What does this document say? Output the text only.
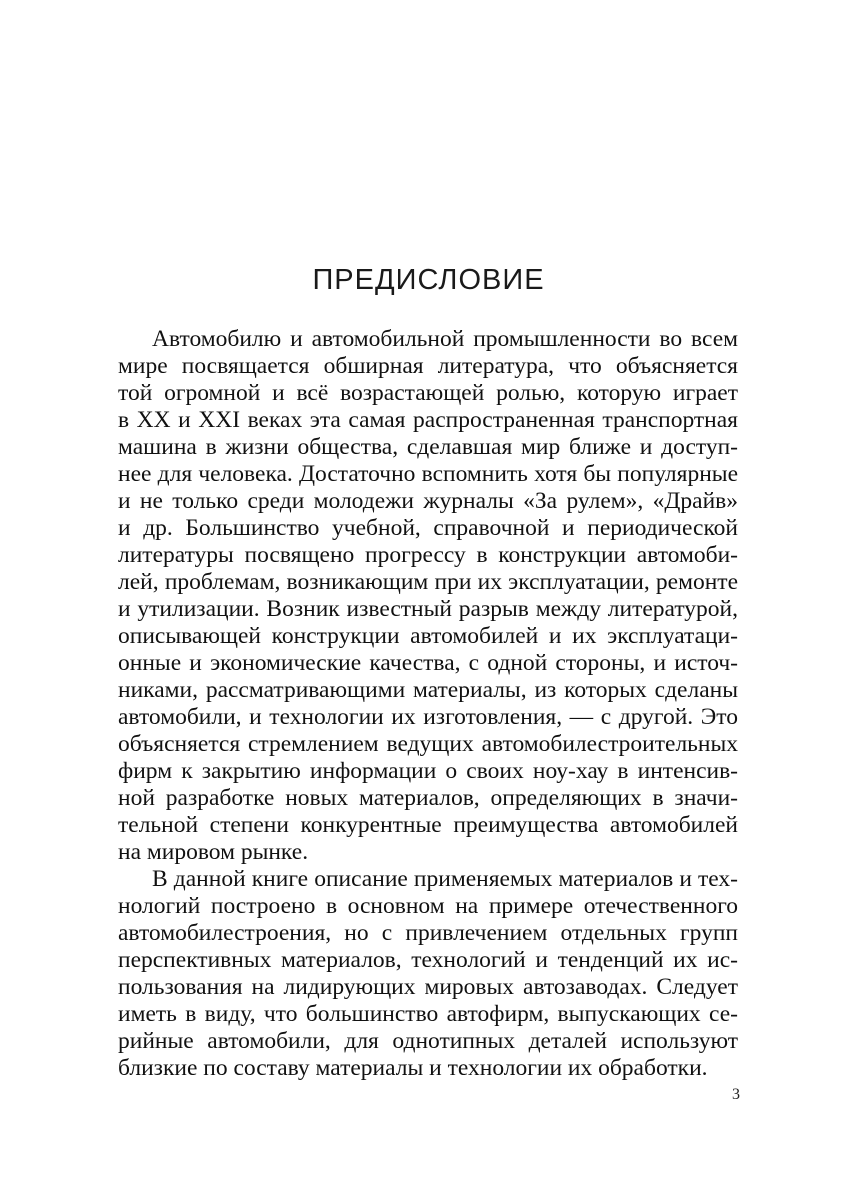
ПРЕДИСЛОВИЕ
Автомобилю и автомобильной промышленности во всем
мире посвящается обширная литература, что объясняется
той огромной и всё возрастающей ролью, которую играет
в XX и XXI веках эта самая распространенная транспортная
машина в жизни общества, сделавшая мир ближе и доступ-
нее для человека. Достаточно вспомнить хотя бы популярные
и не только среди молодежи журналы «За рулем», «Драйв»
и др. Большинство учебной, справочной и периодической
литературы посвящено прогрессу в конструкции автомоби-
лей, проблемам, возникающим при их эксплуатации, ремонте
и утилизации. Возник известный разрыв между литературой,
описывающей конструкции автомобилей и их эксплуатаци-
онные и экономические качества, с одной стороны, и источ-
никами, рассматривающими материалы, из которых сделаны
автомобили, и технологии их изготовления, — с другой. Это
объясняется стремлением ведущих автомобилестроительных
фирм к закрытию информации о своих ноу-хау в интенсив-
ной разработке новых материалов, определяющих в значи-
тельной степени конкурентные преимущества автомобилей
на мировом рынке.
В данной книге описание применяемых материалов и тех-
нологий построено в основном на примере отечественного
автомобилестроения, но с привлечением отдельных групп
перспективных материалов, технологий и тенденций их ис-
пользования на лидирующих мировых автозаводах. Следует
иметь в виду, что большинство автофирм, выпускающих се-
рийные автомобили, для однотипных деталей используют
близкие по составу материалы и технологии их обработки.
3
